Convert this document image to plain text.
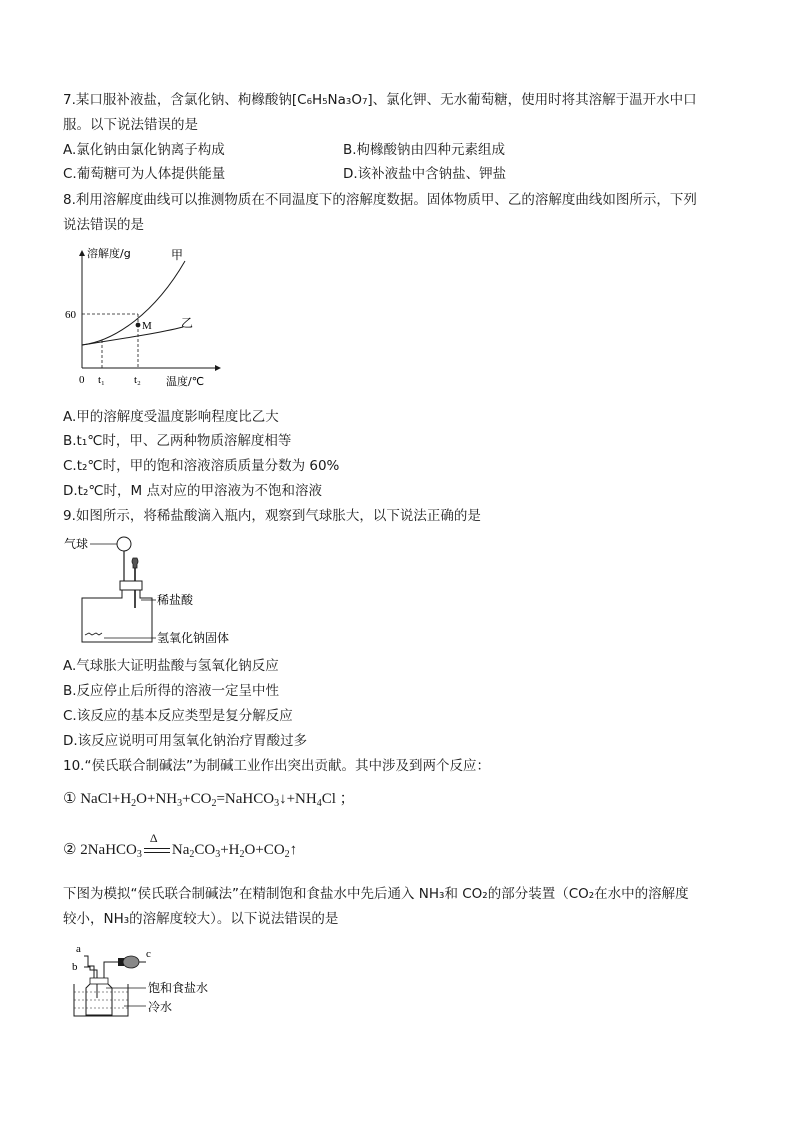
7.某口服补液盐，含氯化钠、枸橼酸钠[C₆H₅Na₃O₇]、氯化钾、无水葡萄糖，使用时将其溶解于温开水中口
服。以下说法错误的是
A.氯化钠由氯化钠离子构成	B.枸橼酸钠由四种元素组成
C.葡萄糖可为人体提供能量	D.该补液盐中含钠盐、钾盐
8.利用溶解度曲线可以推测物质在不同温度下的溶解度数据。固体物质甲、乙的溶解度曲线如图所示，下列
说法错误的是
溶解度/g	甲
乙
M
60
0 t₁	t₂ 温度/℃
A.甲的溶解度受温度影响程度比乙大
B.t₁℃时，甲、乙两种物质溶解度相等
C.t₂℃时，甲的饱和溶液溶质质量分数为 60%
D.t₂℃时，M 点对应的甲溶液为不饱和溶液
9.如图所示，将稀盐酸滴入瓶内，观察到气球胀大，以下说法正确的是
气球
稀盐酸
氢氧化钠固体
A.气球胀大证明盐酸与氢氧化钠反应
B.反应停止后所得的溶液一定呈中性
C.该反应的基本反应类型是复分解反应
D.该反应说明可用氢氧化钠治疗胃酸过多
10.“侯氏联合制碱法”为制碱工业作出突出贡献。其中涉及到两个反应：
① $NaCl+H_2O+NH_3+CO_2=NaHCO_3↓+NH_4Cl$ ；
② 2NaHCO$_3$
Δ
$Na_2CO_3+H_2O+CO_2↑$
下图为模拟“侯氏联合制碱法”在精制饱和食盐水中先后通入 NH₃和 CO₂的部分装置（CO₂在水中的溶解度
较小，NH₃的溶解度较大）。以下说法错误的是
a
b
c
饱和食盐水
冷水
